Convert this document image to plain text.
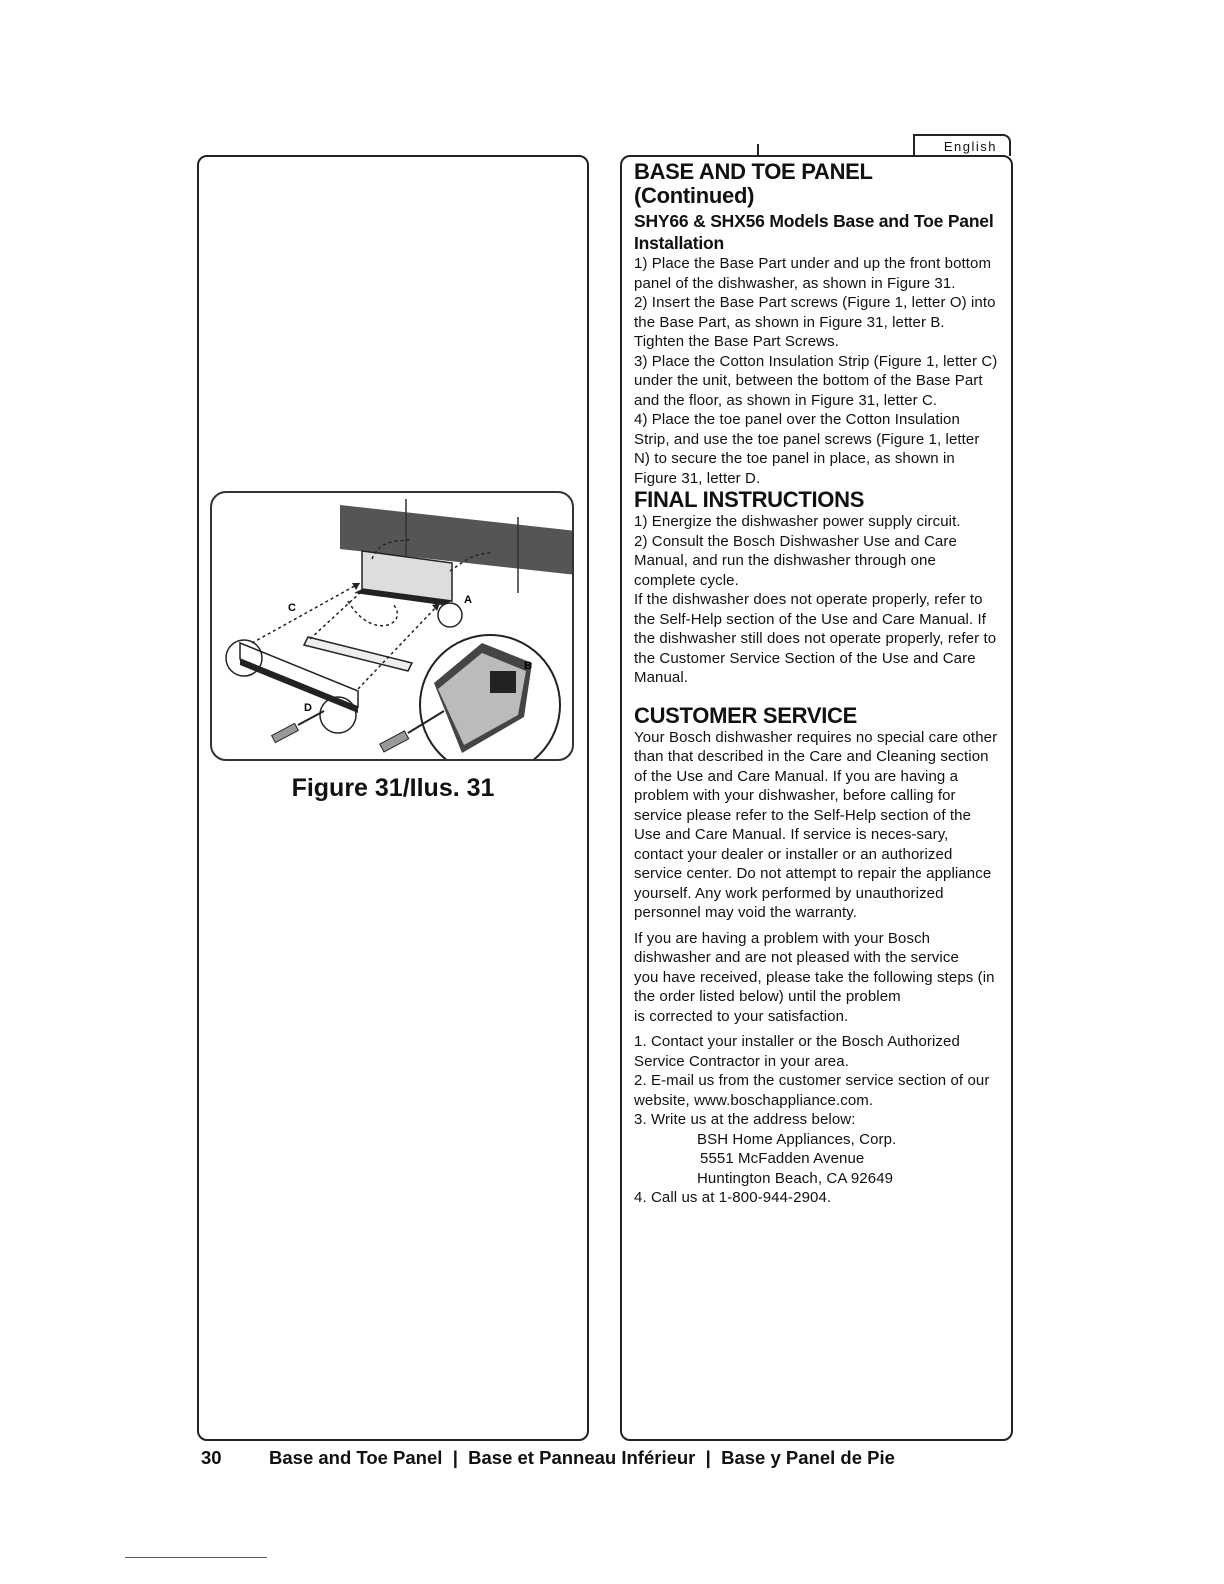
English
C
A
B
D
Figure 31/Ilus. 31
BASE AND TOE PANEL
(Continued)
SHY66 & SHX56 Models Base and Toe Panel Installation

1) Place the Base Part under and up the front bottom panel of the dishwasher, as shown in Figure 31.

2) Insert the Base Part screws (Figure 1, letter O) into the Base Part, as shown in Figure 31, letter B. Tighten the Base Part Screws.

3) Place the Cotton Insulation Strip (Figure 1, letter C) under the unit, between the bottom of the Base Part and the floor, as shown in Figure 31, letter C.

4) Place the toe panel over the Cotton Insulation Strip, and use the toe panel screws (Figure 1, letter N) to secure the toe panel in place, as shown in Figure 31, letter D.

FINAL INSTRUCTIONS

1) Energize the dishwasher power supply circuit.

2) Consult the Bosch Dishwasher Use and Care Manual, and run the dishwasher through one complete cycle.

If the dishwasher does not operate properly, refer to the Self-Help section of the Use and Care Manual. If the dishwasher still does not operate properly, refer to the Customer Service Section of the Use and Care Manual.

CUSTOMER SERVICE

Your Bosch dishwasher requires no special care other than that described in the Care and Cleaning section of the Use and Care Manual. If you are having a problem with your dishwasher, before calling for service please refer to the Self-Help section of the Use and Care Manual. If service is neces-sary, contact your dealer or installer or an authorized service center. Do not attempt to repair the appliance yourself. Any work performed by unauthorized personnel may void the warranty.

If you are having a problem with your Bosch dishwasher and are not pleased with the service

you have received, please take the following steps (in the order listed below) until the problem

is corrected to your satisfaction.

1. Contact your installer or the Bosch Authorized Service Contractor in your area.

2. E-mail us from the customer service section of our website, www.boschappliance.com.

3. Write us at the address below:

BSH Home Appliances, Corp.

5551 McFadden Avenue

Huntington Beach, CA 92649

4. Call us at 1-800-944-2904.

30	Base and Toe Panel  |  Base et Panneau Inférieur  |  Base y Panel de Pie
